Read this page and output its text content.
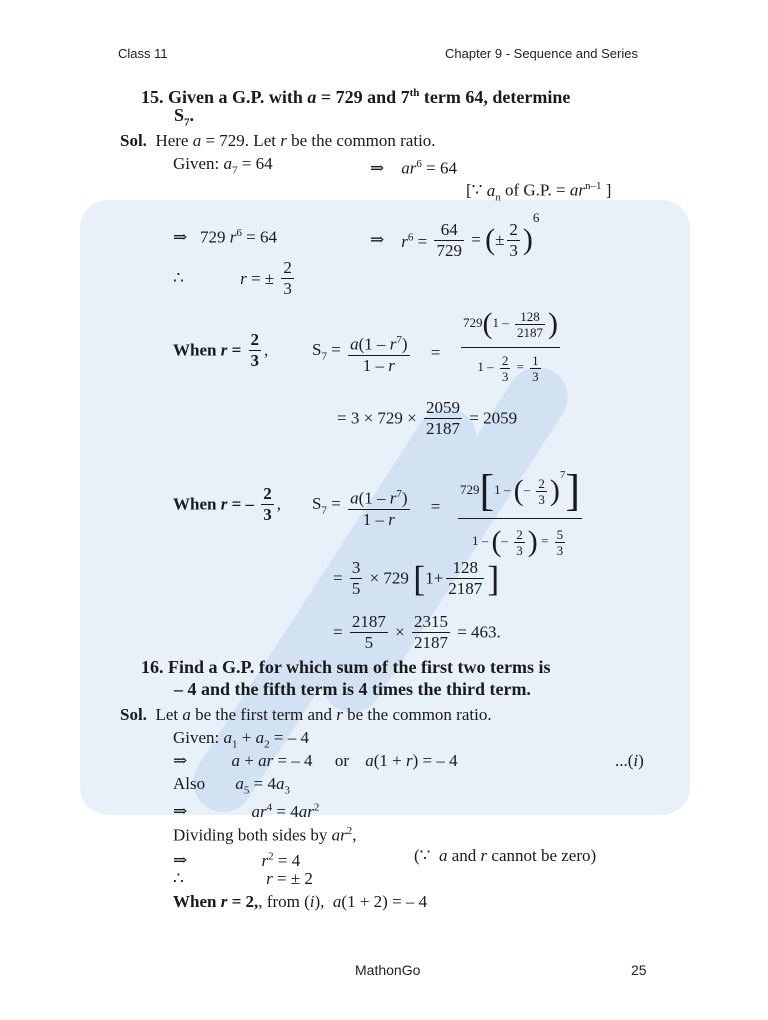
Class 11	Chapter 9 - Sequence and Series
15. Given a G.P. with a = 729 and 7th term 64, determine
$S_7$.
Sol. Here a = 729. Let r be the common ratio.
Given: $a_7 = 64$	⇒    $ar^6 = 64$
[∵ $a_n$ of G.P. = $ar^{n-1}$ ]
⇒   729 $r^6 = 64$	⇒ $r^6 = \frac{64}{729}$ = (± $\frac{2}{3} )^6$
∴	r = ± $\frac{2}{3}$
When $r = \frac{2}{3}$ ,	$S_7 = \frac{a(1 - r^7)}{1 - r} = \frac{729(1 - \frac{128}{2187} )}{1 - \frac{2}{3} = \frac{1}{3}}$
= $3 \times 729 \times \frac{2059}{2187} = 2059$
When r = – $\frac{2}{3}$ , $S_7 = \frac{a(1 - r^7)}{1 - r} = \frac{729[1 - (- \frac{2}{3} )^7]}{1 - (- \frac{2}{3} ) = \frac{5}{3}}$
= $\frac{3}{5} \times 729$ [$1+ \frac{128}{2187}$ ]
= $\frac{2187}{5} \times \frac{2315}{2187} = 463$.
16. Find a G.P. for which sum of the first two terms is
– 4 and the fifth term is 4 times the third term.
Sol. Let a be the first term and r be the common ratio.
Given: $a_1 + a_2$ = – 4
⇒ a + ar = – 4 or a(1 + r) = – 4	...(i)
Also $a_5 = 4a_3$
⇒	$ar^4 = 4ar^2$
Dividing both sides by $ar^2$,
⇒	$r^2 = 4$	(∵  a and r cannot be zero)
∴	r = ± 2
When r = 2,, from (i),  a(1 + 2) = – 4
MathonGo	25
